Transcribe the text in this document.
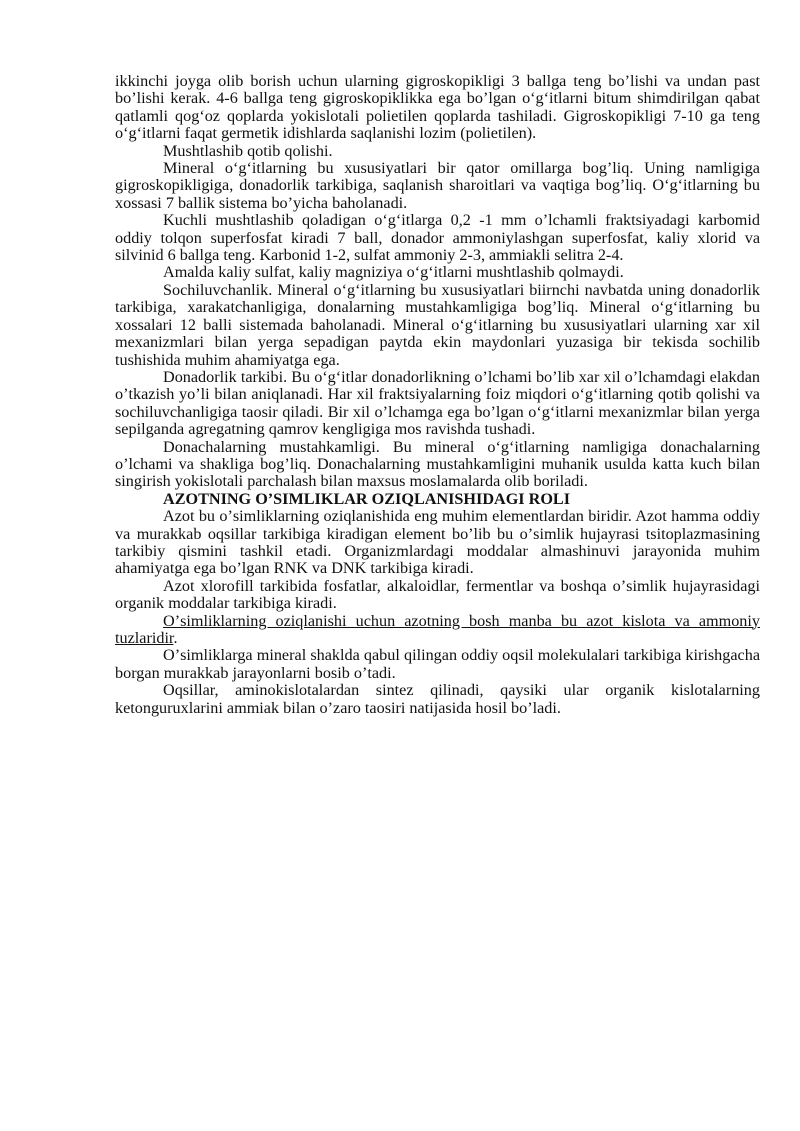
ikkinchi joyga olib borish uchun ularning gigroskopikligi 3 ballga teng boʼlishi va undan past boʼlishi kerak. 4-6 ballga teng gigroskopiklikka ega boʼlgan oʻgʻitlarni bitum shimdirilgan qabat qatlamli qogʻoz qoplarda yokislotali polietilen qoplarda tashiladi. Gigroskopikligi 7-10 ga teng oʻgʻitlarni faqat germetik idishlarda saqlanishi lozim (polietilen).

Mushtlashib qotib qolishi.

Mineral oʻgʻitlarning bu xususiyatlari bir qator omillarga bogʼliq. Uning namligiga gigroskopikligiga, donadorlik tarkibiga, saqlanish sharoitlari va vaqtiga bogʼliq. Oʻgʻitlarning bu xossasi 7 ballik sistema boʼyicha baholanadi.

Kuchli mushtlashib qoladigan oʻgʻitlarga 0,2 -1 mm oʼlchamli fraktsiyadagi karbomid oddiy tolqon superfosfat kiradi 7 ball, donador ammoniylashgan superfosfat, kaliy xlorid va silvinid 6 ballga teng. Karbonid 1-2, sulfat ammoniy 2-3, ammiakli selitra 2-4.

Amalda kaliy sulfat, kaliy magniziya oʻgʻitlarni mushtlashib qolmaydi.

Sochiluvchanlik. Mineral oʻgʻitlarning bu xususiyatlari biirnchi navbatda uning donadorlik tarkibiga, xarakatchanligiga, donalarning mustahkamligiga bogʼliq. Mineral oʻgʻitlarning bu xossalari 12 balli sistemada baholanadi. Mineral oʻgʻitlarning bu xususiyatlari ularning xar xil mexanizmlari bilan yerga sepadigan paytda ekin maydonlari yuzasiga bir tekisda sochilib tushishida muhim ahamiyatga ega.

Donadorlik tarkibi. Bu oʻgʻitlar donadorlikning oʼlchami boʼlib xar xil oʼlchamdagi elakdan oʼtkazish yoʼli bilan aniqlanadi. Har xil fraktsiyalarning foiz miqdori oʻgʻitlarning qotib qolishi va sochiluvchanligiga taosir qiladi. Bir xil oʼlchamga ega boʼlgan oʻgʻitlarni mexanizmlar bilan yerga sepilganda agregatning qamrov kengligiga mos ravishda tushadi.

Donachalarning mustahkamligi. Bu mineral oʻgʻitlarning namligiga donachalarning oʼlchami va shakliga bogʼliq. Donachalarning mustahkamligini muhanik usulda katta kuch bilan singirish yokislotali parchalash bilan maxsus moslamalarda olib boriladi.

AZOTNING OʼSIMLIKLAR OZIQLANISHIDAGI ROLI

Azot bu oʼsimliklarning oziqlanishida eng muhim elementlardan biridir. Azot hamma oddiy va murakkab oqsillar tarkibiga kiradigan element boʼlib bu oʼsimlik hujayrasi tsitoplazmasining tarkibiy qismini tashkil etadi. Organizmlardagi moddalar almashinuvi jarayonida muhim ahamiyatga ega boʼlgan RNK va DNK tarkibiga kiradi.

Azot xlorofill tarkibida fosfatlar, alkaloidlar, fermentlar va boshqa oʼsimlik hujayrasidagi organik moddalar tarkibiga kiradi.

Oʼsimliklarning oziqlanishi uchun azotning bosh manba bu azot kislota va ammoniy tuzlaridir.

Oʼsimliklarga mineral shaklda qabul qilingan oddiy oqsil molekulalari tarkibiga kirishgacha borgan murakkab jarayonlarni bosib oʼtadi.

Oqsillar, aminokislotalardan sintez qilinadi, qaysiki ular organik kislotalarning ketonguruxlarini ammiak bilan oʼzaro taosiri natijasida hosil boʼladi.
